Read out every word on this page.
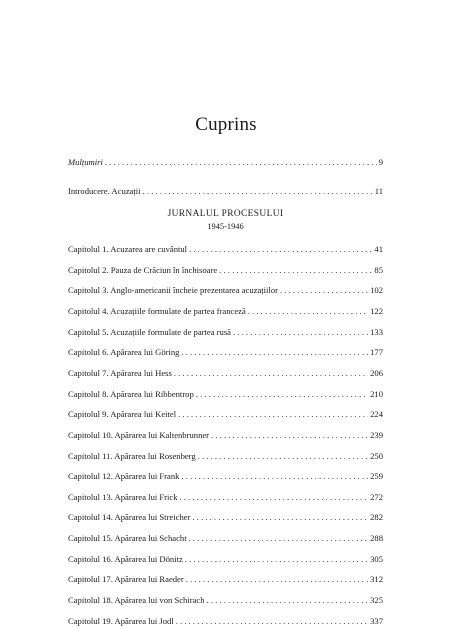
Cuprins
Mulțumiri . . .	9
Introducere. Acuzații . . .	11
JURNALUL PROCESULUI
1945-1946
Capitolul 1. Acuzarea are cuvântul . . .	41
Capitolul 2. Pauza de Crăciun în închisoare . . .	85
Capitolul 3. Anglo-americanii încheie prezentarea acuzațiilor . . .	102
Capitolul 4. Acuzațiile formulate de partea franceză . . .	122
Capitolul 5. Acuzațiile formulate de partea rusă . . .	133
Capitolul 6. Apărarea lui Göring . . .	177
Capitolul 7. Apărarea lui Hess . . .	206
Capitolul 8. Apărarea lui Ribbentrop . . .	210
Capitolul 9. Apărarea lui Keitel . . .	224
Capitolul 10. Apărarea lui Kaltenbrunner . . .	239
Capitolul 11. Apărarea lui Rosenberg . . .	250
Capitolul 12. Apărarea lui Frank . . .	259
Capitolul 13. Apărarea lui Frick . . .	272
Capitolul 14. Apărarea lui Streicher . . .	282
Capitolul 15. Apărarea lui Schacht . . .	288
Capitolul 16. Apărarea lui Dönitz . . .	305
Capitolul 17. Apărarea lui Raeder . . .	312
Capitolul 18. Apărarea lui von Schirach . . .	325
Capitolul 19. Apărarea lui Jodl . . .	337
